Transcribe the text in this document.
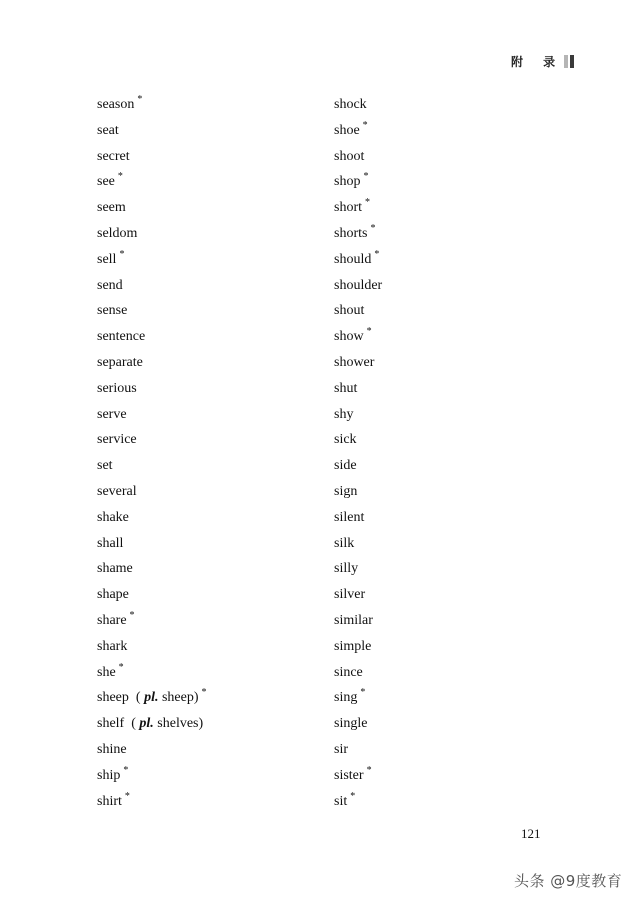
附 录
season *
seat
secret
see *
seem
seldom
sell *
send
sense
sentence
separate
serious
serve
service
set
several
shake
shall
shame
shape
share *
shark
she *
sheep  ( pl. sheep) *
shelf  ( pl. shelves)
shine
ship *
shirt *
shock
shoe *
shoot
shop *
short *
shorts *
should *
shoulder
shout
show *
shower
shut
shy
sick
side
sign
silent
silk
silly
silver
similar
simple
since
sing *
single
sir
sister *
sit *
121
头条 @9度教育
